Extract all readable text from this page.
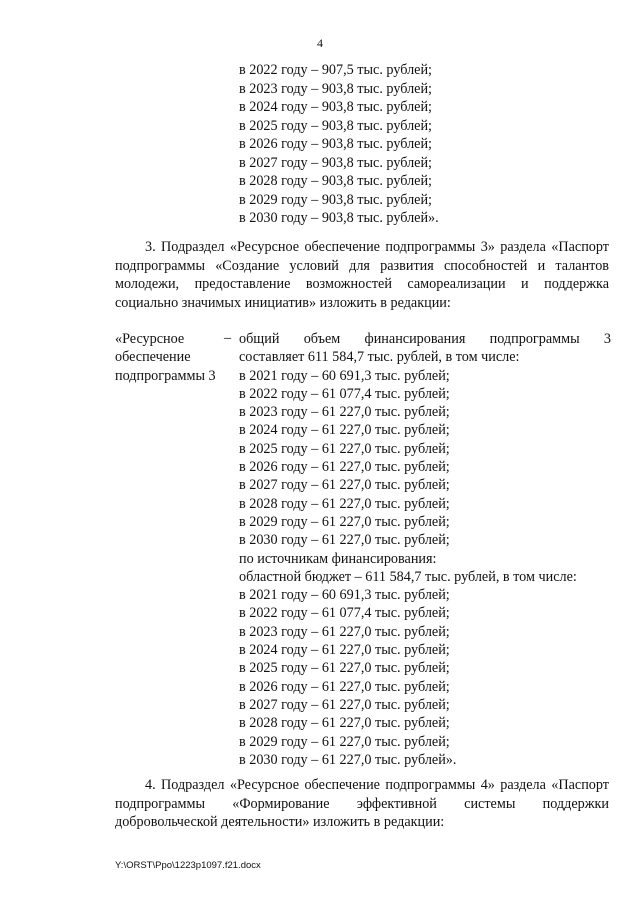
4
в 2022 году – 907,5 тыс. рублей;
в 2023 году – 903,8 тыс. рублей;
в 2024 году – 903,8 тыс. рублей;
в 2025 году – 903,8 тыс. рублей;
в 2026 году – 903,8 тыс. рублей;
в 2027 году – 903,8 тыс. рублей;
в 2028 году – 903,8 тыс. рублей;
в 2029 году – 903,8 тыс. рублей;
в 2030 году – 903,8 тыс. рублей».
3. Подраздел «Ресурсное обеспечение подпрограммы 3» раздела «Паспорт
подпрограммы «Создание условий для развития способностей и талантов
молодежи, предоставление возможностей самореализации и поддержка
социально значимых инициатив» изложить в редакции:
«Ресурсное
обеспечение
подпрограммы 3
– общий объем финансирования подпрограммы 3
составляет 611 584,7 тыс. рублей, в том числе:
в 2021 году – 60 691,3 тыс. рублей;
в 2022 году – 61 077,4 тыс. рублей;
в 2023 году – 61 227,0 тыс. рублей;
в 2024 году – 61 227,0 тыс. рублей;
в 2025 году – 61 227,0 тыс. рублей;
в 2026 году – 61 227,0 тыс. рублей;
в 2027 году – 61 227,0 тыс. рублей;
в 2028 году – 61 227,0 тыс. рублей;
в 2029 году – 61 227,0 тыс. рублей;
в 2030 году – 61 227,0 тыс. рублей;
по источникам финансирования:
областной бюджет – 611 584,7 тыс. рублей, в том числе:
в 2021 году – 60 691,3 тыс. рублей;
в 2022 году – 61 077,4 тыс. рублей;
в 2023 году – 61 227,0 тыс. рублей;
в 2024 году – 61 227,0 тыс. рублей;
в 2025 году – 61 227,0 тыс. рублей;
в 2026 году – 61 227,0 тыс. рублей;
в 2027 году – 61 227,0 тыс. рублей;
в 2028 году – 61 227,0 тыс. рублей;
в 2029 году – 61 227,0 тыс. рублей;
в 2030 году – 61 227,0 тыс. рублей».
4. Подраздел «Ресурсное обеспечение подпрограммы 4» раздела «Паспорт
подпрограммы «Формирование эффективной системы поддержки
добровольческой деятельности» изложить в редакции:
Y:\ORST\Ppo\1223p1097.f21.docx
